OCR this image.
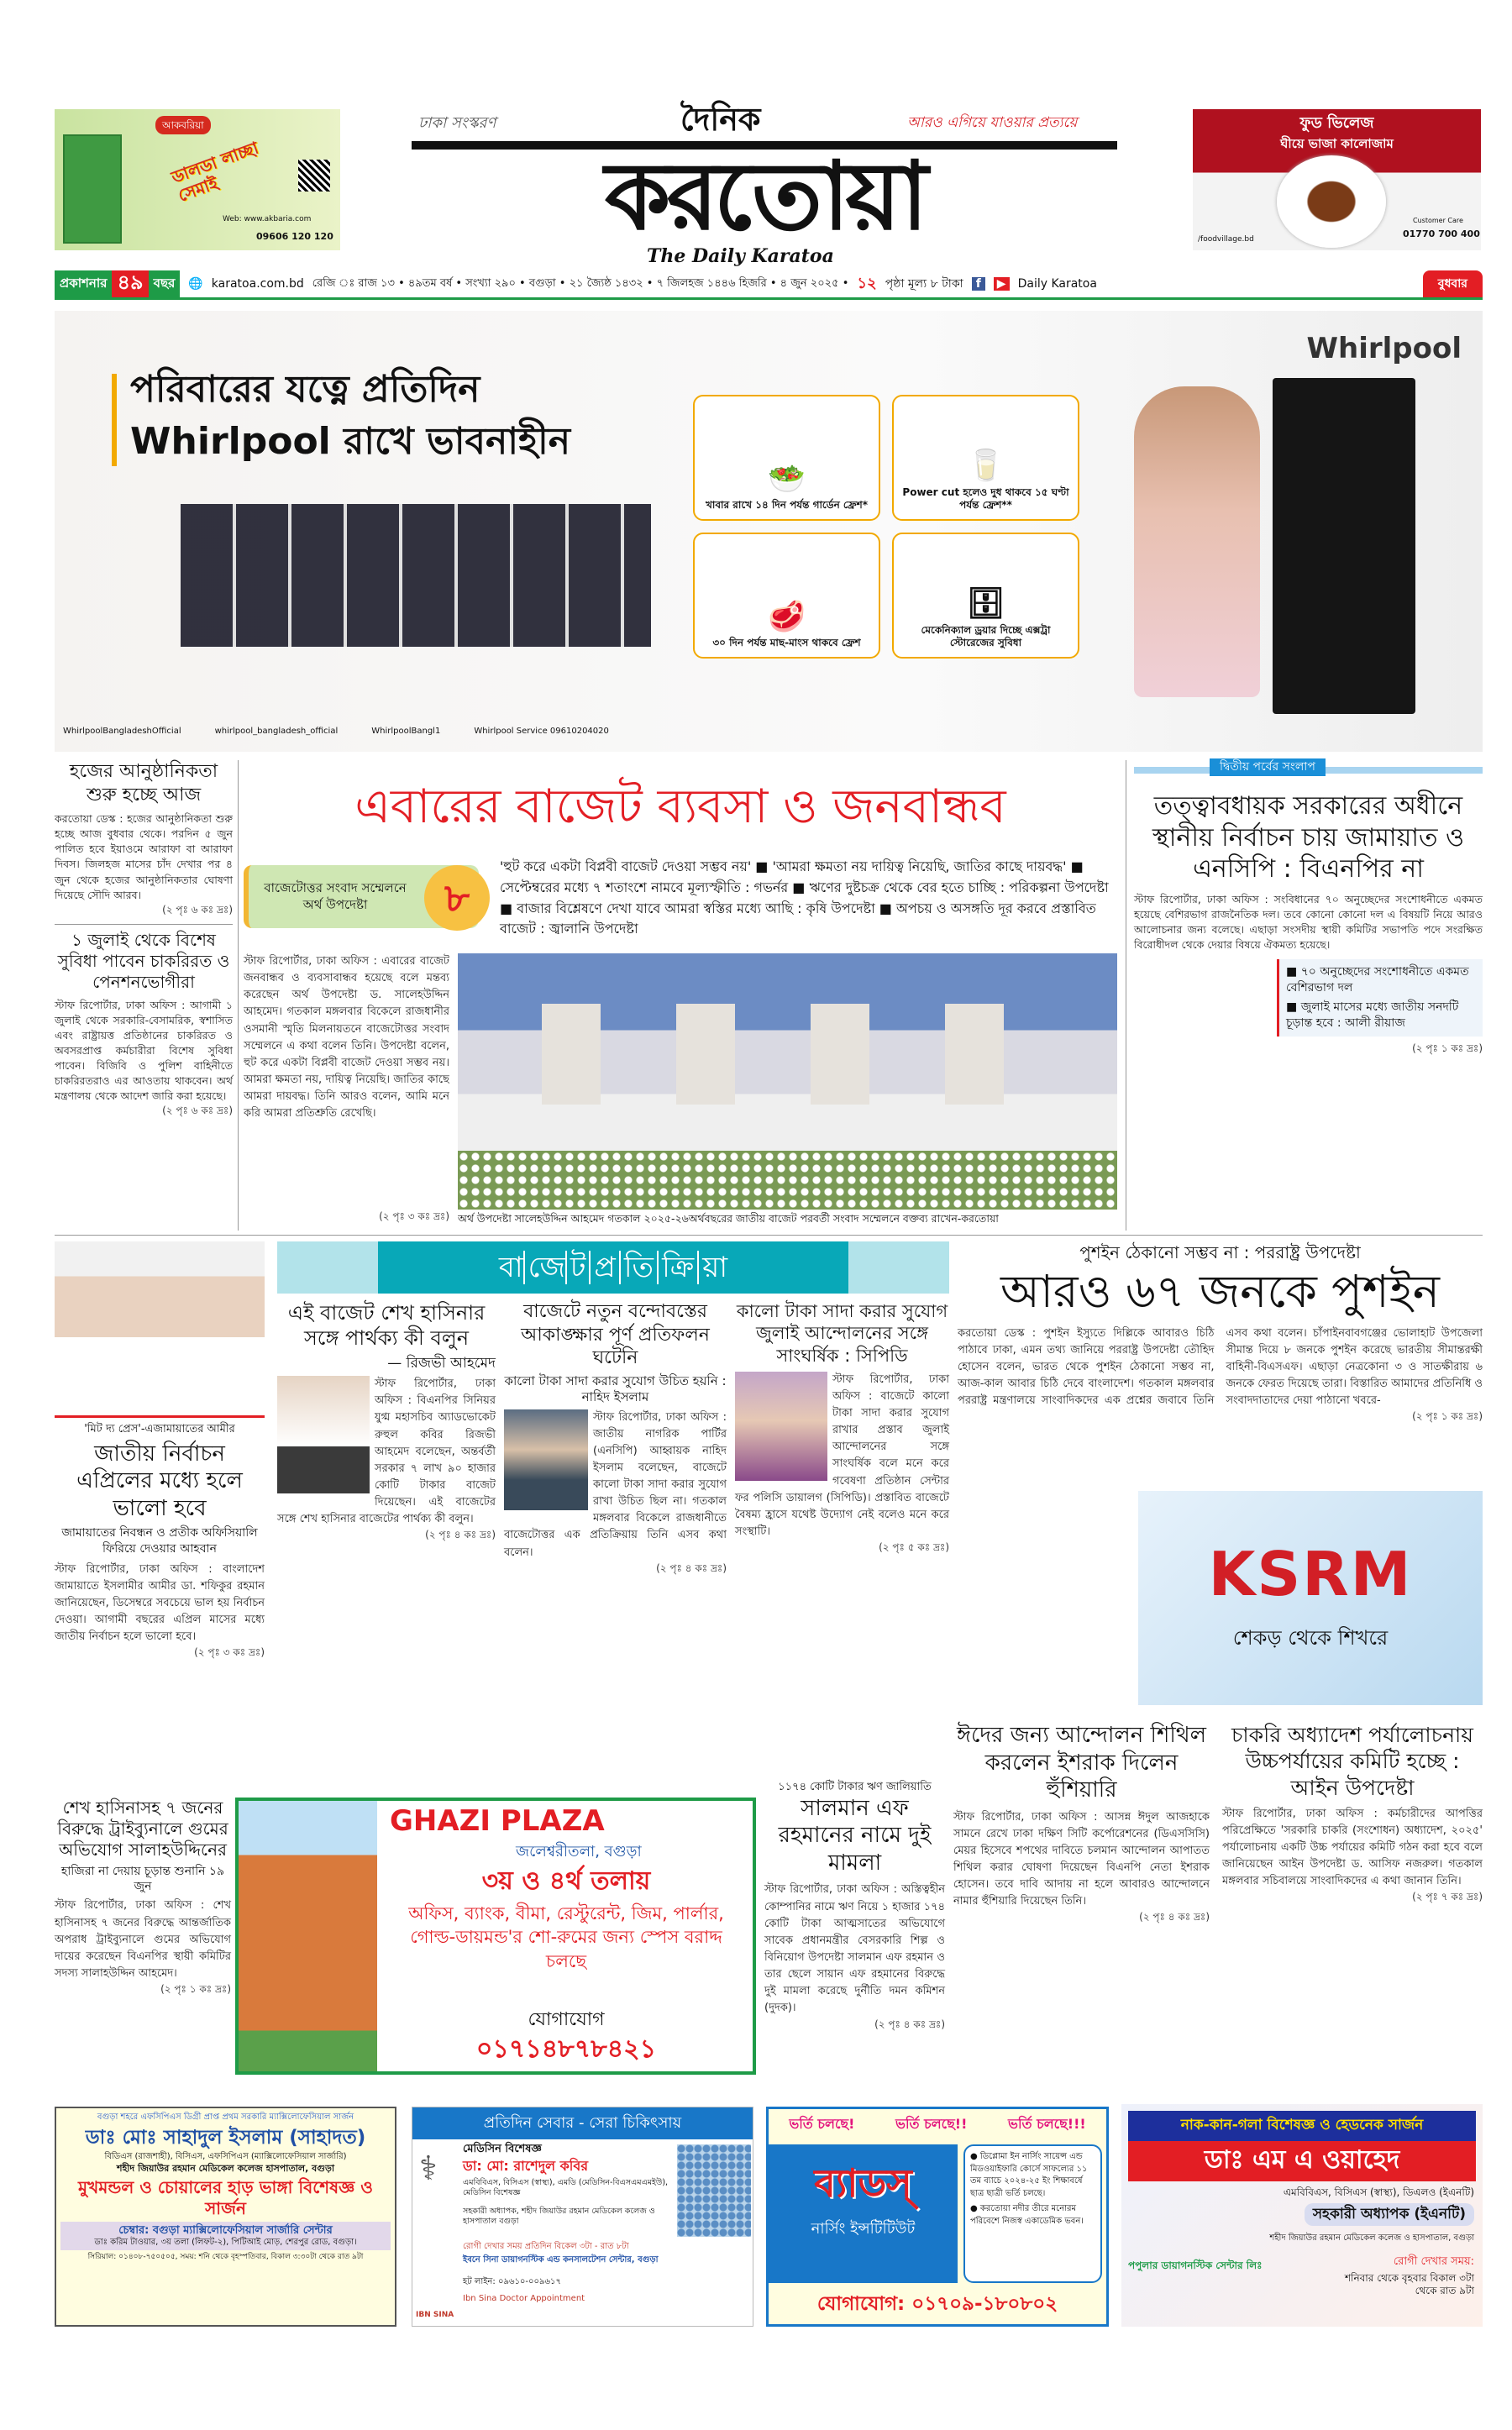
আকবরিয়া
ডালডা লাচ্ছা সেমাই
Web: www.akbaria.com
09606 120 120
ঢাকা সংস্করণ	দৈনিক	আরও এগিয়ে যাওয়ার প্রত্যয়ে
করতোয়া
The Daily Karatoa
ফুড ভিলেজ
ঘীয়ে ভাজা কালোজাম
/foodvillage.bd
Customer Care
01770 700 400
প্রকাশনার ৪৯ বছর	🌐 karatoa.com.bd রেজি ঃ রাজ ১৩ • ৪৯তম বর্ষ • সংখ্যা ২৯০ • বগুড়া • ২১ জ্যৈষ্ঠ ১৪৩২ • ৭ জিলহজ ১৪৪৬ হিজরি • ৪ জুন ২০২৫ • ১২ পৃষ্ঠা মূল্য ৮ টাকা	f	▶ Daily Karatoa	বুধবার
পরিবারের যত্নে প্রতিদিন
Whirlpool রাখে ভাবনাহীন
🥗
খাবার রাখে ১৪ দিন পর্যন্ত গার্ডেন ফ্রেশ*
🥛
Power cut হলেও দুধ থাকবে ১৫ ঘণ্টা পর্যন্ত ফ্রেশ**
🥩
৩০ দিন পর্যন্ত মাছ-মাংস থাকবে ফ্রেশ
🗄
মেকেনিক্যাল ড্রয়ার দিচ্ছে এক্সট্রা স্টোরেজের সুবিধা
Whirlpool
WhirlpoolBangladeshOfficial	whirlpool_bangladesh_official	WhirlpoolBangl1	Whirlpool Service 09610204020
হজের আনুষ্ঠানিকতা শুরু হচ্ছে আজ
করতোয়া ডেস্ক : হজের আনুষ্ঠানিকতা শুরু হচ্ছে আজ বুধবার থেকে। পরদিন ৫ জুন পালিত হবে ইয়াওমে আরাফা বা আরাফা দিবস। জিলহজ মাসের চাঁদ দেখার পর ৪ জুন থেকে হজের আনুষ্ঠানিকতার ঘোষণা দিয়েছে সৌদি আরব।
(২ পৃঃ ৬ কঃ দ্রঃ)
১ জুলাই থেকে বিশেষ সুবিধা পাবেন চাকরিরত ও পেনশনভোগীরা
স্টাফ রিপোর্টার, ঢাকা অফিস : আগামী ১ জুলাই থেকে সরকারি-বেসামরিক, স্বশাসিত এবং রাষ্ট্রায়ত্ত প্রতিষ্ঠানের চাকরিরত ও অবসরপ্রাপ্ত কর্মচারীরা বিশেষ সুবিধা পাবেন। বিজিবি ও পুলিশ বাহিনীতে চাকরিরতরাও এর আওতায় থাকবেন। অর্থ মন্ত্রণালয় থেকে আদেশ জারি করা হয়েছে।
(২ পৃঃ ৬ কঃ দ্রঃ)
এবারের বাজেট ব্যবসা ও জনবান্ধব
বাজেটোত্তর সংবাদ সম্মেলনে অর্থ উপদেষ্টা	৮
'হুট করে একটা বিপ্লবী বাজেট দেওয়া সম্ভব নয়' ■ 'আমরা ক্ষমতা নয় দায়িত্ব নিয়েছি, জাতির কাছে দায়বদ্ধ' ■ সেপ্টেম্বরের মধ্যে ৭ শতাংশে নামবে মূল্যস্ফীতি : গভর্নর ■ ঋণের দুষ্টচক্র থেকে বের হতে চাচ্ছি : পরিকল্পনা উপদেষ্টা ■ বাজার বিশ্লেষণে দেখা যাবে আমরা স্বস্তির মধ্যে আছি : কৃষি উপদেষ্টা ■ অপচয় ও অসঙ্গতি দূর করবে প্রস্তাবিত বাজেট : জ্বালানি উপদেষ্টা
স্টাফ রিপোর্টার, ঢাকা অফিস : এবারের বাজেট জনবান্ধব ও ব্যবসাবান্ধব হয়েছে বলে মন্তব্য করেছেন অর্থ উপদেষ্টা ড. সালেহউদ্দিন আহমেদ। গতকাল মঙ্গলবার বিকেলে রাজধানীর ওসমানী স্মৃতি মিলনায়তনে বাজেটোত্তর সংবাদ সম্মেলনে এ কথা বলেন তিনি। উপদেষ্টা বলেন, হুট করে একটা বিপ্লবী বাজেট দেওয়া সম্ভব নয়। আমরা ক্ষমতা নয়, দায়িত্ব নিয়েছি। জাতির কাছে আমরা দায়বদ্ধ। তিনি আরও বলেন, আমি মনে করি আমরা প্রতিশ্রুতি রেখেছি।
(২ পৃঃ ৩ কঃ দ্রঃ) অর্থ উপদেষ্টা সালেহউদ্দিন আহমেদ গতকাল ২০২৫-২৬অর্থবছরের জাতীয় বাজেট পরবর্তী সংবাদ সম্মেলনে বক্তব্য রাখেন-করতোয়া
দ্বিতীয় পর্বের সংলাপ
তত্ত্বাবধায়ক সরকারের অধীনে স্থানীয় নির্বাচন চায় জামায়াত ও এনসিপি : বিএনপির না
স্টাফ রিপোর্টার, ঢাকা অফিস : সংবিধানের ৭০ অনুচ্ছেদের সংশোধনীতে একমত হয়েছে বেশিরভাগ রাজনৈতিক দল। তবে কোনো কোনো দল এ বিষয়টি নিয়ে আরও আলোচনার জন্য বলেছে। এছাড়া সংসদীয় স্থায়ী কমিটির সভাপতি পদে সংরক্ষিত বিরোধীদল থেকে দেয়ার বিষয়ে ঐকমত্য হয়েছে।
■ ৭০ অনুচ্ছেদের সংশোধনীতে একমত বেশিরভাগ দল
■ জুলাই মাসের মধ্যে জাতীয় সনদটি চূড়ান্ত হবে : আলী রীয়াজ
(২ পৃঃ ১ কঃ দ্রঃ)
'মিট দ্য প্রেস'-এজামায়াতের আমীর
জাতীয় নির্বাচন এপ্রিলের মধ্যে হলে ভালো হবে
জামায়াতের নিবন্ধন ও প্রতীক অফিসিয়ালি ফিরিয়ে দেওয়ার আহবান
স্টাফ রিপোর্টার, ঢাকা অফিস : বাংলাদেশ জামায়াতে ইসলামীর আমীর ডা. শফিকুর রহমান জানিয়েছেন, ডিসেম্বরে সবচেয়ে ভাল হয় নির্বাচন দেওয়া। আগামী বছরের এপ্রিল মাসের মধ্যে জাতীয় নির্বাচন হলে ভালো হবে।
(২ পৃঃ ৩ কঃ দ্রঃ)
বা জে ট প্র তি ক্রি য়া
এই বাজেট শেখ হাসিনার সঙ্গে পার্থক্য কী বলুন
— রিজভী আহমেদ
স্টাফ রিপোর্টার, ঢাকা অফিস : বিএনপির সিনিয়র যুগ্ম মহাসচিব অ্যাডভোকেট রুহুল কবির রিজভী আহমেদ বলেছেন, অন্তর্বর্তী সরকার ৭ লাখ ৯০ হাজার কোটি টাকার বাজেট দিয়েছেন। এই বাজেটের সঙ্গে শেখ হাসিনার বাজেটের পার্থক্য কী বলুন।
(২ পৃঃ ৪ কঃ দ্রঃ)
বাজেটে নতুন বন্দোবস্তের আকাঙ্ক্ষার পূর্ণ প্রতিফলন ঘটেনি
কালো টাকা সাদা করার সুযোগ উচিত হয়নি : নাহিদ ইসলাম
স্টাফ রিপোর্টার, ঢাকা অফিস : জাতীয় নাগরিক পার্টির (এনসিপি) আহ্বায়ক নাহিদ ইসলাম বলেছেন, বাজেটে কালো টাকা সাদা করার সুযোগ রাখা উচিত ছিল না। গতকাল মঙ্গলবার বিকেলে রাজধানীতে বাজেটোত্তর এক প্রতিক্রিয়ায় তিনি এসব কথা বলেন।
(২ পৃঃ ৪ কঃ দ্রঃ)
কালো টাকা সাদা করার সুযোগ জুলাই আন্দোলনের সঙ্গে সাংঘর্ষিক : সিপিডি
স্টাফ রিপোর্টার, ঢাকা অফিস : বাজেটে কালো টাকা সাদা করার সুযোগ রাখার প্রস্তাব জুলাই আন্দোলনের সঙ্গে সাংঘর্ষিক বলে মনে করে গবেষণা প্রতিষ্ঠান সেন্টার ফর পলিসি ডায়ালগ (সিপিডি)। প্রস্তাবিত বাজেটে বৈষম্য হ্রাসে যথেষ্ট উদ্যোগ নেই বলেও মনে করে সংস্থাটি।
(২ পৃঃ ৫ কঃ দ্রঃ)
পুশইন ঠেকানো সম্ভব না : পররাষ্ট্র উপদেষ্টা
আরও ৬৭ জনকে পুশইন
করতোয়া ডেস্ক : পুশইন ইস্যুতে দিল্লিকে আবারও চিঠি পাঠাবে ঢাকা, এমন তথ্য জানিয়ে পররাষ্ট্র উপদেষ্টা তৌহিদ হোসেন বলেন, ভারত থেকে পুশইন ঠেকানো সম্ভব না, আজ-কাল আবার চিঠি দেবে বাংলাদেশ। গতকাল মঙ্গলবার পররাষ্ট্র মন্ত্রণালয়ে সাংবাদিকদের এক প্রশ্নের জবাবে তিনি এসব কথা বলেন। চাঁপাইনবাবগঞ্জের ভোলাহাট উপজেলা সীমান্ত দিয়ে ৮ জনকে পুশইন করেছে ভারতীয় সীমান্তরক্ষী বাহিনী-বিএসএফ। এছাড়া নেত্রকোনা ৩ ও সাতক্ষীরায় ৬ জনকে ফেরত দিয়েছে তারা। বিস্তারিত আমাদের প্রতিনিধি ও সংবাদদাতাদের দেয়া পাঠানো খবরে-
(২ পৃঃ ১ কঃ দ্রঃ)
KSRM
শেকড় থেকে শিখরে
শেখ হাসিনাসহ ৭ জনের বিরুদ্ধে ট্রাইব্যুনালে গুমের অভিযোগ সালাহউদ্দিনের
হাজিরা না দেয়ায় চূড়ান্ত শুনানি ১৯ জুন
স্টাফ রিপোর্টার, ঢাকা অফিস : শেখ হাসিনাসহ ৭ জনের বিরুদ্ধে আন্তর্জাতিক অপরাধ ট্রাইব্যুনালে গুমের অভিযোগ দায়ের করেছেন বিএনপির স্থায়ী কমিটির সদস্য সালাহউদ্দিন আহমেদ।
(২ পৃঃ ১ কঃ দ্রঃ)
GHAZI PLAZA
জলেশ্বরীতলা, বগুড়া
৩য় ও ৪র্থ তলায়
অফিস, ব্যাংক, বীমা, রেস্টুরেন্ট, জিম, পার্লার, গোল্ড-ডায়মন্ড'র শো-রুমের জন্য স্পেস বরাদ্দ চলছে
যোগাযোগ
০১৭১৪৮৭৮৪২১
১১৭৪ কোটি টাকার ঋণ জালিয়াতি
সালমান এফ রহমানের নামে দুই মামলা
স্টাফ রিপোর্টার, ঢাকা অফিস : অস্তিত্বহীন কোম্পানির নামে ঋণ নিয়ে ১ হাজার ১৭৪ কোটি টাকা আত্মসাতের অভিযোগে সাবেক প্রধানমন্ত্রীর বেসরকারি শিল্প ও বিনিয়োগ উপদেষ্টা সালমান এফ রহমান ও তার ছেলে সায়ান এফ রহমানের বিরুদ্ধে দুই মামলা করেছে দুর্নীতি দমন কমিশন (দুদক)।
(২ পৃঃ ৪ কঃ দ্রঃ)
ঈদের জন্য আন্দোলন শিথিল করলেন ইশরাক দিলেন হুঁশিয়ারি
স্টাফ রিপোর্টার, ঢাকা অফিস : আসন্ন ঈদুল আজহাকে সামনে রেখে ঢাকা দক্ষিণ সিটি কর্পোরেশনের (ডিএসসিসি) মেয়র হিসেবে শপথের দাবিতে চলমান আন্দোলন আপাতত শিথিল করার ঘোষণা দিয়েছেন বিএনপি নেতা ইশরাক হোসেন। তবে দাবি আদায় না হলে আবারও আন্দোলনে নামার হুঁশিয়ারি দিয়েছেন তিনি।
(২ পৃঃ ৪ কঃ দ্রঃ)
চাকরি অধ্যাদেশ পর্যালোচনায় উচ্চপর্যায়ের কমিটি হচ্ছে : আইন উপদেষ্টা
স্টাফ রিপোর্টার, ঢাকা অফিস : কর্মচারীদের আপত্তির পরিপ্রেক্ষিতে 'সরকারি চাকরি (সংশোধন) অধ্যাদেশ, ২০২৫' পর্যালোচনায় একটি উচ্চ পর্যায়ের কমিটি গঠন করা হবে বলে জানিয়েছেন আইন উপদেষ্টা ড. আসিফ নজরুল। গতকাল মঙ্গলবার সচিবালয়ে সাংবাদিকদের এ কথা জানান তিনি।
(২ পৃঃ ৭ কঃ দ্রঃ)
বগুড়া শহরে এফসিপিএস ডিগ্রী প্রাপ্ত প্রথম সরকারি ম্যাক্সিলোফেসিয়াল সার্জন
ডাঃ মোঃ সাহাদুল ইসলাম (সাহাদত)
বিডিএস (রাজশাহী), বিসিএস, এফসিপিএস (ম্যাক্সিলোফেসিয়াল সার্জারি)
শহীদ জিয়াউর রহমান মেডিকেল কলেজ হাসপাতাল, বগুড়া
মুখমন্ডল ও চোয়ালের হাড় ভাঙ্গা বিশেষজ্ঞ ও সার্জন
চেম্বার: বগুড়া ম্যাক্সিলোফেসিয়াল সার্জারি সেন্টার
ডাঃ করিম টাওয়ার, ৩য় তলা (লিফট-২), পিটিআই মোড়, শেরপুর রোড, বগুড়া।
সিরিয়াল: ০১৪০৮-৭৫০৫০৫, সময়: শনি থেকে বৃহস্পতিবার, বিকাল ৩:৩০টা থেকে রাত ৯টা
প্রতিদিন সেবার - সেরা চিকিৎসায়
⚕
মেডিসিন বিশেষজ্ঞ
ডা: মো: রাশেদুল কবির
এমবিবিএস, বিসিএস (স্বাস্থ্য), এমডি (মেডিসিন-বিএসএমএমইউ), মেডিসিন বিশেষজ্ঞ
সহকারী অধ্যাপক, শহীদ জিয়াউর রহমান মেডিকেল কলেজ ও হাসপাতাল বগুড়া
রোগী দেখার সময় প্রতিদিন বিকেল ৩টা - রাত ৮টা
ইবনে সিনা ডায়াগনস্টিক এন্ড কনসালটেশন সেন্টার, বগুড়া
হট লাইন: ০৯৬১০-০০৯৬১৭
IBN SINA
Ibn Sina Doctor Appointment
ভর্তি চলছে!	ভর্তি চলছে!!	ভর্তি চলছে!!!
ব্যাডস্
নার্সিং ইন্সটিটিউট
● ডিপ্লোমা ইন নার্সিং সায়েন্স এন্ড মিডওয়াইফারি কোর্সে সাফল্যের ১১ তম ব্যাচে ২০২৪-২৫ ইং শিক্ষাবর্ষে ছাত্র ছাত্রী ভর্তি চলছে।
● করতোয়া নদীর তীরে মনোরম পরিবেশে নিজস্ব একাডেমিক ভবন।
যোগাযোগ: ০১৭০৯-১৮০৮০২
নাক-কান-গলা বিশেষজ্ঞ ও হেডনেক সার্জন
ডাঃ এম এ ওয়াহেদ
এমবিবিএস, বিসিএস (স্বাস্থ্য), ডিএলও (ইএনটি)
সহকারী অধ্যাপক (ইএনটি)
শহীদ জিয়াউর রহমান মেডিকেল কলেজ ও হাসপাতাল, বগুড়া
পপুলার ডায়াগনস্টিক সেন্টার লিঃ	রোগী দেখার সময়:
শনিবার থেকে বৃহবার বিকাল ৩টা থেকে রাত ৯টা
